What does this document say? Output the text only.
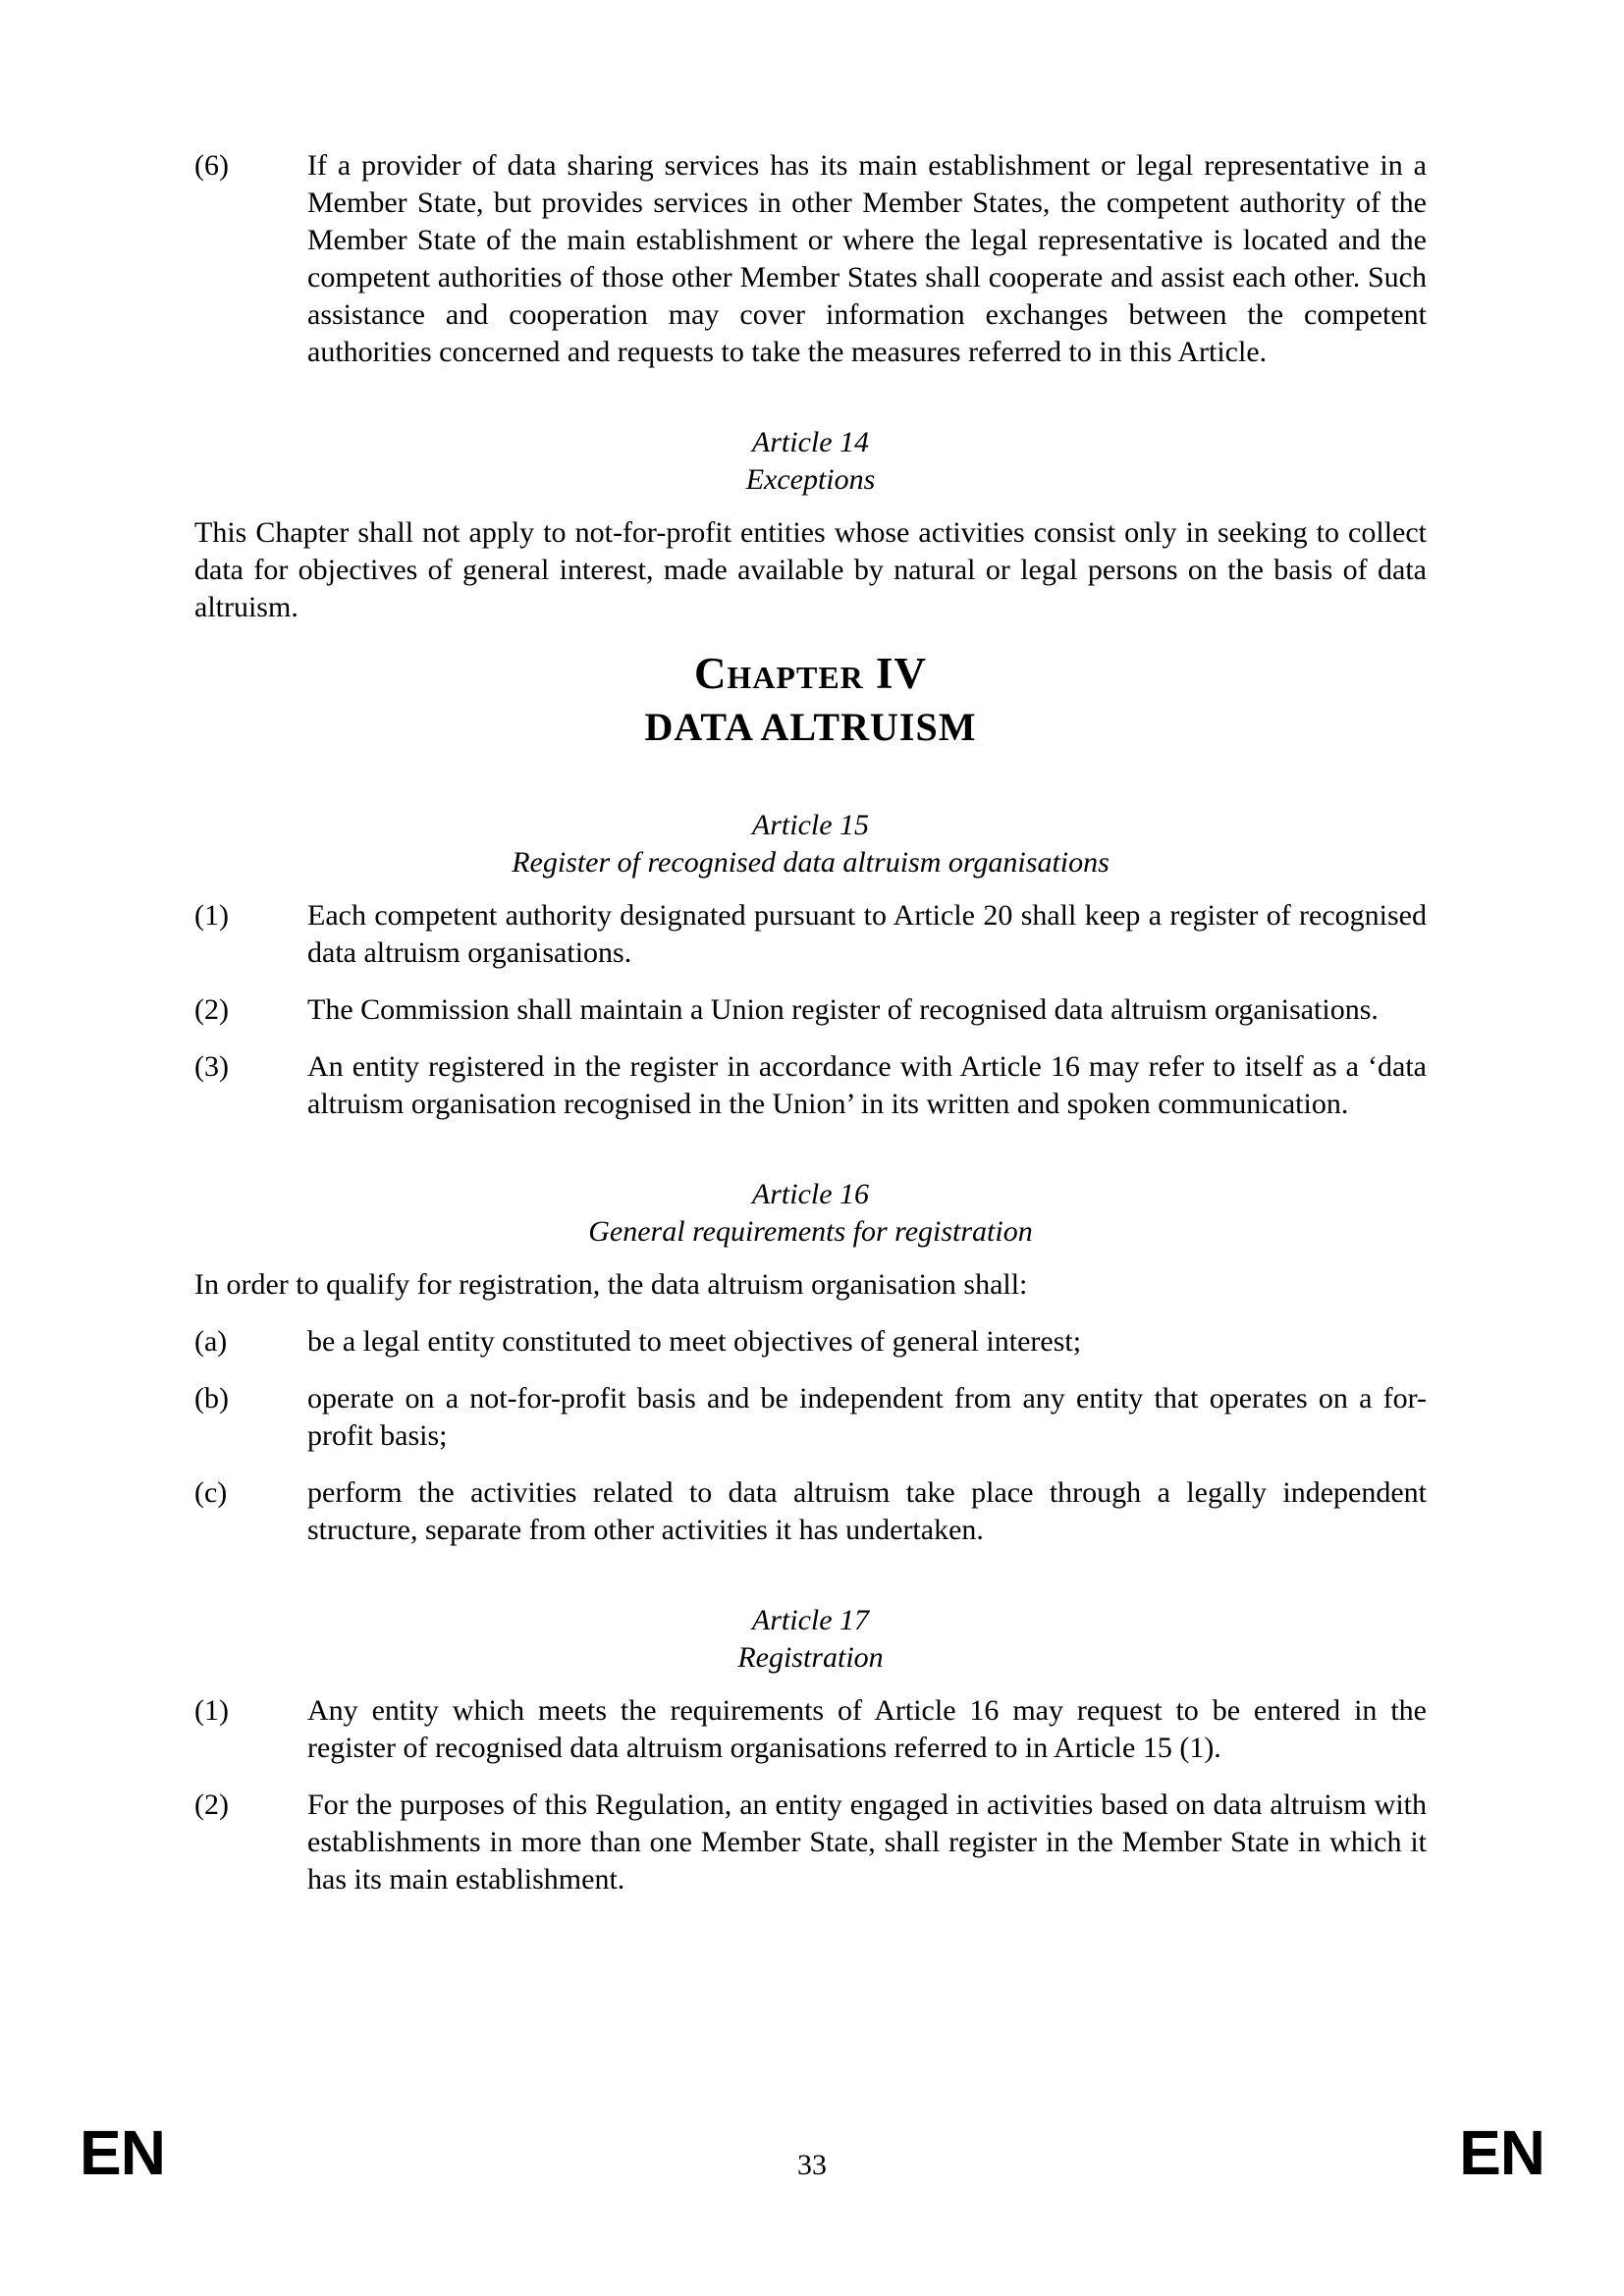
(6)	If a provider of data sharing services has its main establishment or legal representative in a Member State, but provides services in other Member States, the competent authority of the Member State of the main establishment or where the legal representative is located and the competent authorities of those other Member States shall cooperate and assist each other. Such assistance and cooperation may cover information exchanges between the competent authorities concerned and requests to take the measures referred to in this Article.
Article 14
Exceptions

This Chapter shall not apply to not-for-profit entities whose activities consist only in seeking to collect data for objectives of general interest, made available by natural or legal persons on the basis of data altruism.

Chapter IV
DATA ALTRUISM
Article 15
Register of recognised data altruism organisations
(1)	Each competent authority designated pursuant to Article 20 shall keep a register of recognised data altruism organisations.
(2)	The Commission shall maintain a Union register of recognised data altruism organisations.
(3)	An entity registered in the register in accordance with Article 16 may refer to itself as a ‘data altruism organisation recognised in the Union’ in its written and spoken communication.
Article 16
General requirements for registration

In order to qualify for registration, the data altruism organisation shall:

(a)	be a legal entity constituted to meet objectives of general interest;
(b)	operate on a not-for-profit basis and be independent from any entity that operates on a for-profit basis;
(c)	perform the activities related to data altruism take place through a legally independent structure, separate from other activities it has undertaken.
Article 17
Registration
(1)	Any entity which meets the requirements of Article 16 may request to be entered in the register of recognised data altruism organisations referred to in Article 15 (1).
(2)	For the purposes of this Regulation, an entity engaged in activities based on data altruism with establishments in more than one Member State, shall register in the Member State in which it has its main establishment.
EN	33	EN
